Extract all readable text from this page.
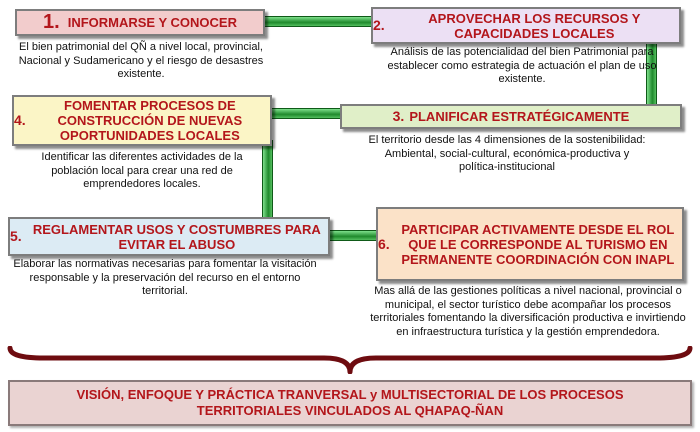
1. INFORMARSE Y CONOCER
El bien patrimonial del QÑ a nivel local, provincial, Nacional y Sudamericano y el riesgo de desastres existente.
2.	APROVECHAR LOS RECURSOS Y CAPACIDADES LOCALES
Análisis de las potencialidad del bien Patrimonial para establecer como estrategia de actuación el plan de uso existente.
3. PLANIFICAR ESTRATÉGICAMENTE
El territorio desde las 4 dimensiones de la sostenibilidad: Ambiental, social-cultural, económica-productiva y política-institucional
4.
FOMENTAR PROCESOS DE CONSTRUCCIÓN DE NUEVAS OPORTUNIDADES LOCALES
Identificar las diferentes actividades de la población local para crear una red de emprendedores locales.
5. REGLAMENTAR USOS Y COSTUMBRES PARA EVITAR EL ABUSO
Elaborar las normativas necesarias para fomentar la visitación responsable y la preservación del recurso en el entorno territorial.
6.
PARTICIPAR ACTIVAMENTE DESDE EL ROL QUE LE CORRESPONDE AL TURISMO EN PERMANENTE COORDINACIÓN CON INAPL
Mas allá de las gestiones políticas a nivel nacional, provincial o municipal, el sector turístico debe acompañar los procesos territoriales fomentando la diversificación productiva e invirtiendo en infraestructura turística y la gestión emprendedora.
VISIÓN, ENFOQUE Y PRÁCTICA TRANVERSAL y MULTISECTORIAL DE LOS PROCESOS TERRITORIALES VINCULADOS AL QHAPAQ-ÑAN
